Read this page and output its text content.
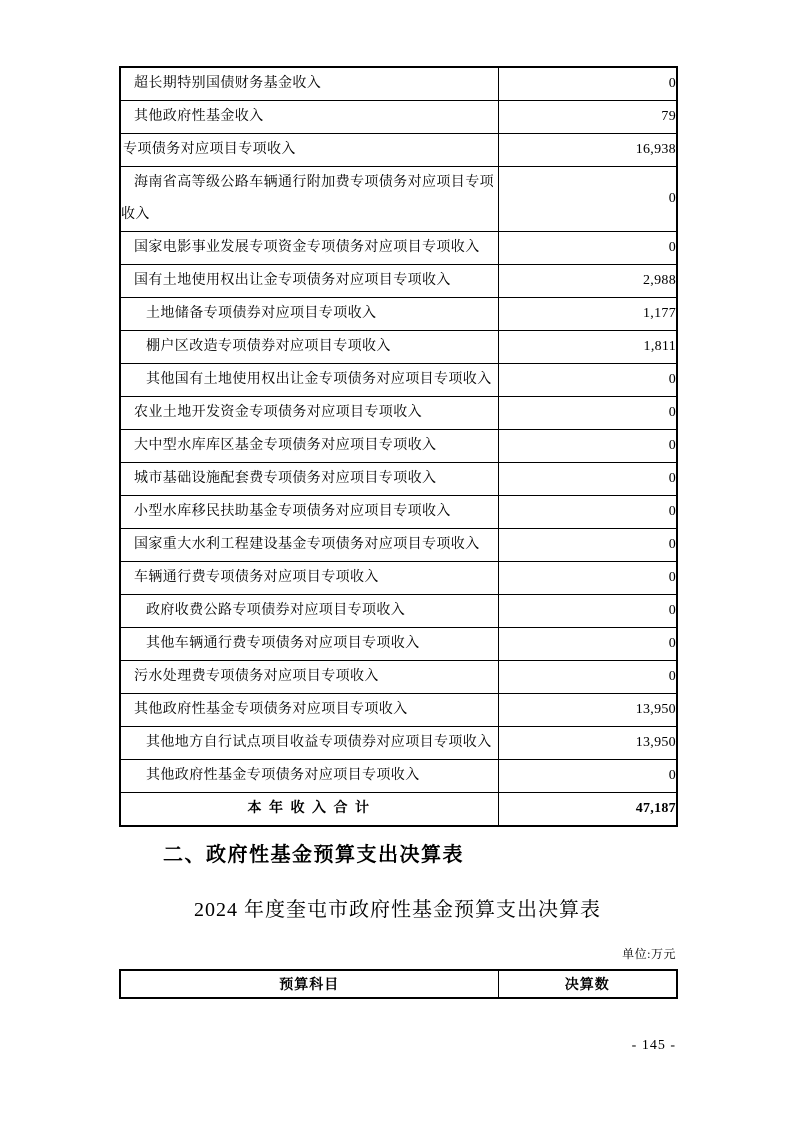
超长期特别国债财务基金收入	0
其他政府性基金收入	79
专项债务对应项目专项收入	16,938
海南省高等级公路车辆通行附加费专项债务对应项目专项收入	0
国家电影事业发展专项资金专项债务对应项目专项收入	0
国有土地使用权出让金专项债务对应项目专项收入	2,988
土地储备专项债券对应项目专项收入	1,177
棚户区改造专项债券对应项目专项收入	1,811
其他国有土地使用权出让金专项债务对应项目专项收入	0
农业土地开发资金专项债务对应项目专项收入	0
大中型水库库区基金专项债务对应项目专项收入	0
城市基础设施配套费专项债务对应项目专项收入	0
小型水库移民扶助基金专项债务对应项目专项收入	0
国家重大水利工程建设基金专项债务对应项目专项收入	0
车辆通行费专项债务对应项目专项收入	0
政府收费公路专项债券对应项目专项收入	0
其他车辆通行费专项债务对应项目专项收入	0
污水处理费专项债务对应项目专项收入	0
其他政府性基金专项债务对应项目专项收入	13,950
其他地方自行试点项目收益专项债券对应项目专项收入	13,950
其他政府性基金专项债务对应项目专项收入	0
本 年 收 入 合 计	47,187
二、政府性基金预算支出决算表
2024 年度奎屯市政府性基金预算支出决算表
单位:万元
预算科目	决算数
- 145 -
